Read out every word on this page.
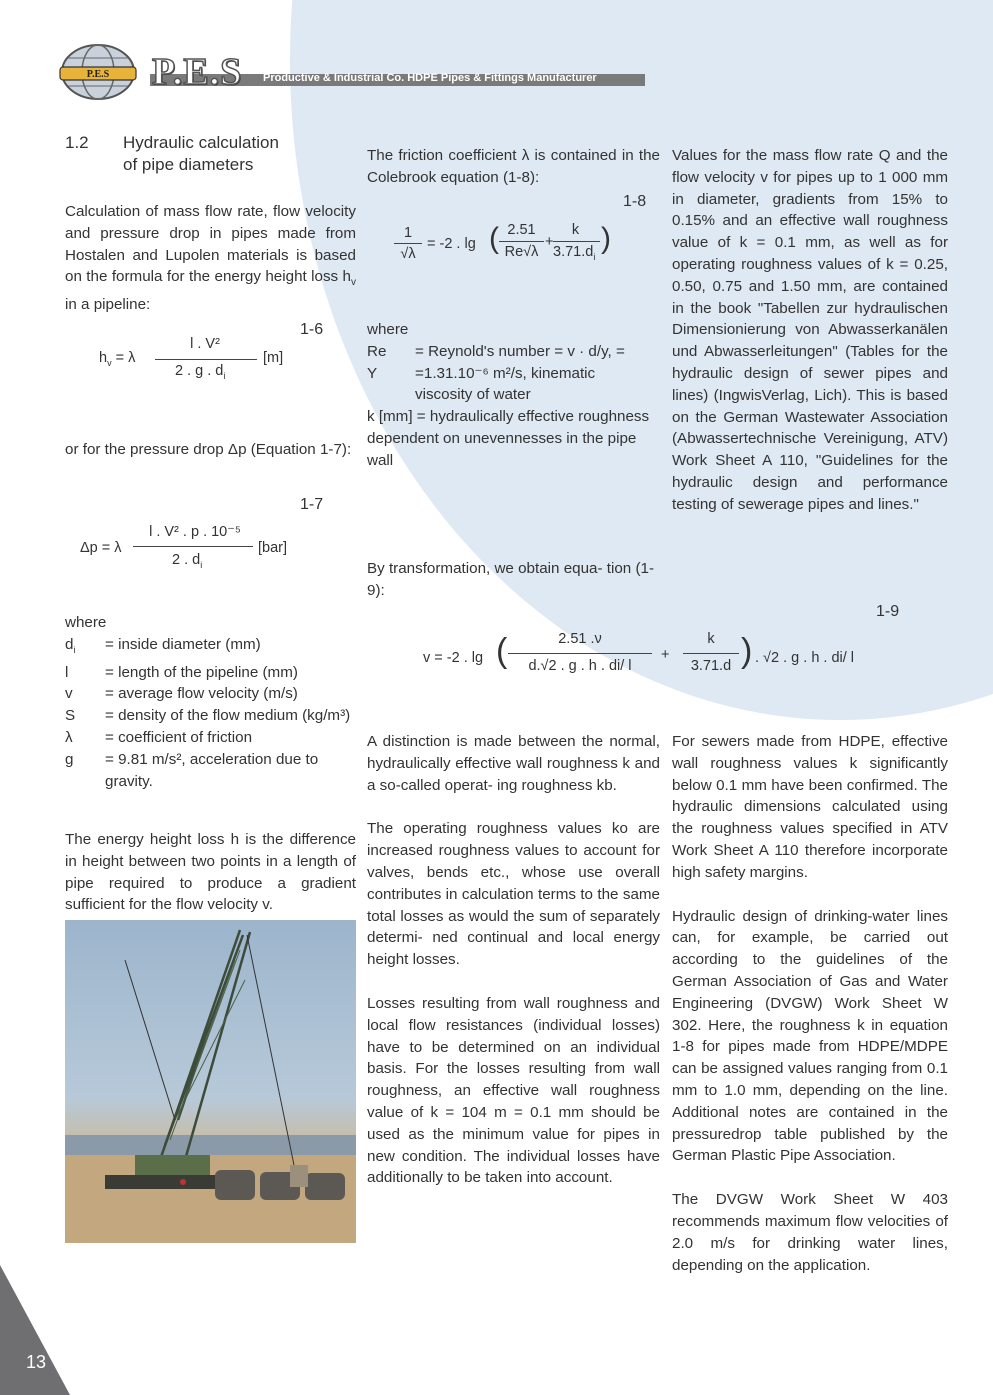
P.E.S P.E.S Productive & Industrial Co. HDPE Pipes & Fittings Manufacturer
1.2	Hydraulic calculation
of pipe diameters

Calculation of mass flow rate, flow velocity and pressure drop in pipes made from Hostalen and Lupolen materials is based on the formula for the energy height loss $h_v$ in a pipeline:

1-6
$h_v = \lambda$
l . V²
2 . g . $d_i$
[m]
or for the pressure drop Δp (Equation 1-7):
1-7
Δp = λ
l . V² . p . 10⁻⁵
2 . $d_i$
[bar]
where
$d_i$	= inside diameter (mm)
l	= length of the pipeline (mm)
v	= average flow velocity (m/s)
S	= density of the flow medium (kg/m³)
λ	= coefficient of friction
g	= 9.81 m/s², acceleration due to gravity.
The energy height loss h is the difference in height between two points in a length of pipe required to produce a gradient sufficient for the flow velocity v.
The friction coefficient λ is contained in the Colebrook equation (1-8):
1-8
1
√λ
= -2 . lg ( 2.51
Re√λ
+
k
$3.71.d_i$
)
where
Re	= Reynold's number = v · d/y, =
Y	=1.31.10⁻⁶ m²/s, kinematic viscosity of water
k [mm] = hydraulically effective roughness dependent on unevennesses in the pipe wall
By transformation, we obtain equa- tion (1-9):
1-9
v = -2 . lg (	2.51 .ν
d.√2 . g . h . di/ l
+
k
3.71.d ) . √2 . g . h . di/ l

A distinction is made between the normal, hydraulically effective wall roughness k and a so-called operat- ing roughness kb.

The operating roughness values ko are increased roughness values to account for valves, bends etc., whose use overall contributes in calculation terms to the same total losses as would the sum of separately determi- ned continual and local energy height losses.

Losses resulting from wall roughness and local flow resistances (individual losses) have to be determined on an individual basis. For the losses resulting from wall roughness, an effective wall roughness value of k = 104 m = 0.1 mm should be used as the minimum value for pipes in new condition. The individual losses have additionally to be taken into account.

Values for the mass flow rate Q and the flow velocity v for pipes up to 1 000 mm in diameter, gradients from 15% to 0.15% and an effective wall roughness value of k = 0.1 mm, as well as for operating roughness values of k = 0.25, 0.50, 0.75 and 1.50 mm, are contained in the book "Tabellen zur hydraulischen Dimensionierung von Abwasserkanälen und Abwasserleitungen" (Tables for the hydraulic design of sewer pipes and lines) (IngwisVerlag, Lich). This is based on the German Wastewater Association (Abwassertechnische Vereinigung, ATV) Work Sheet A 110, "Guidelines for the hydraulic design and performance testing of sewerage pipes and lines."

For sewers made from HDPE, effective wall roughness values k significantly below 0.1 mm have been confirmed. The hydraulic dimensions calculated using the roughness values specified in ATV Work Sheet A 110 therefore incorporate high safety margins.

Hydraulic design of drinking-water lines can, for example, be carried out according to the guidelines of the German Association of Gas and Water Engineering (DVGW) Work Sheet W 302. Here, the roughness k in equation 1-8 for pipes made from HDPE/MDPE can be assigned values ranging from 0.1 mm to 1.0 mm, depending on the line. Additional notes are contained in the pressuredrop table published by the German Plastic Pipe Association.

The DVGW Work Sheet W 403 recommends maximum flow velocities of 2.0 m/s for drinking water lines, depending on the application.

13
